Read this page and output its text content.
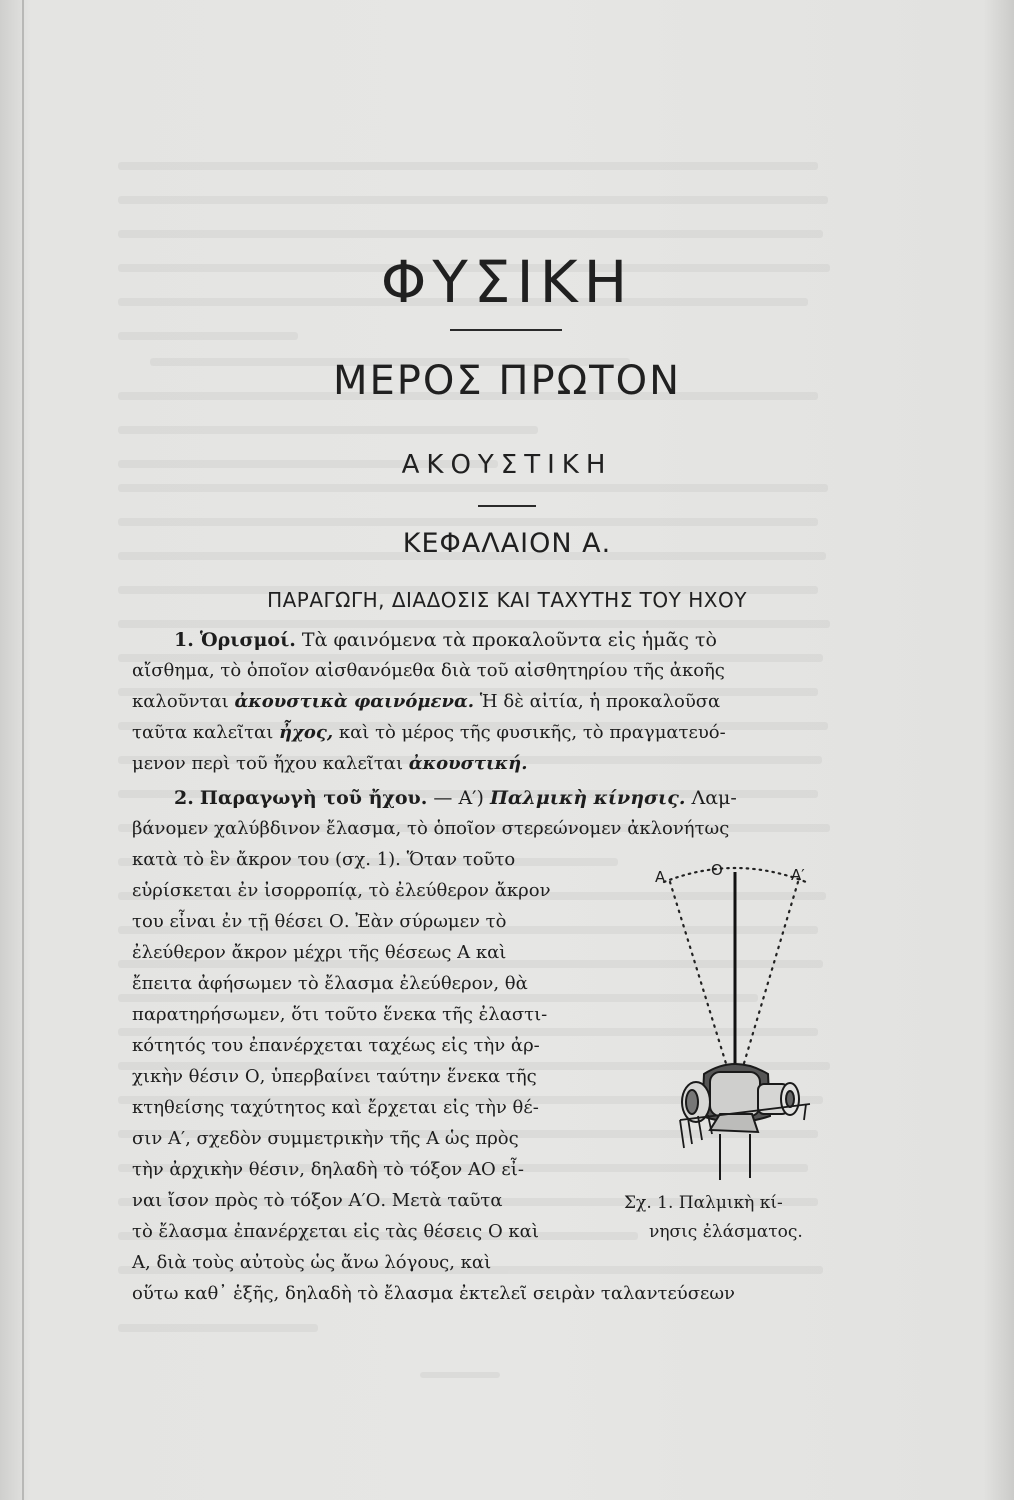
ΦΥΣΙΚΗ
ΜΕΡΟΣ ΠΡΩΤΟΝ
ΑΚΟΥΣΤΙΚΗ
ΚΕΦΑΛΑΙΟΝ Α.
ΠΑΡΑΓΩΓΗ, ΔΙΑΔΟΣΙΣ ΚΑΙ ΤΑΧΥΤΗΣ ΤΟΥ ΗΧΟΥ
1. Ὁρισμοί. Τὰ φαινόμενα τὰ προκαλοῦντα εἰς ἡμᾶς τὸ
αἴσθημα, τὸ ὁποῖον αἰσθανόμεθα διὰ τοῦ αἰσθητηρίου τῆς ἀκοῆς
καλοῦνται ἀκουστικὰ φαινόμενα. Ἡ δὲ αἰτία, ἡ προκαλοῦσα
ταῦτα καλεῖται ἦχος, καὶ τὸ μέρος τῆς φυσικῆς, τὸ πραγματευό-
μενον περὶ τοῦ ἤχου καλεῖται ἀκουστική.
2. Παραγωγὴ τοῦ ἤχου. — Α′) Παλμικὴ κίνησις. Λαμ-
βάνομεν χαλύβδινον ἔλασμα, τὸ ὁποῖον στερεώνομεν ἀκλονήτως
κατὰ τὸ ἓν ἄκρον του (σχ. 1). Ὅταν τοῦτο
εὑρίσκεται ἐν ἰσορροπίᾳ, τὸ ἐλεύθερον ἄκρον
του εἶναι ἐν τῇ θέσει Ο. Ἐὰν σύρωμεν τὸ
ἐλεύθερον ἄκρον μέχρι τῆς θέσεως Α καὶ
ἔπειτα ἀφήσωμεν τὸ ἔλασμα ἐλεύθερον, θὰ
παρατηρήσωμεν, ὅτι τοῦτο ἕνεκα τῆς ἐλαστι-
κότητός του ἐπανέρχεται ταχέως εἰς τὴν ἀρ-
χικὴν θέσιν Ο, ὑπερβαίνει ταύτην ἕνεκα τῆς
κτηθείσης ταχύτητος καὶ ἔρχεται εἰς τὴν θέ-
σιν Α′, σχεδὸν συμμετρικὴν τῆς Α ὡς πρὸς
τὴν ἀρχικὴν θέσιν, δηλαδὴ τὸ τόξον ΑΟ εἶ-
ναι ἴσον πρὸς τὸ τόξον Α′Ο. Μετὰ ταῦτα
τὸ ἔλασμα ἐπανέρχεται εἰς τὰς θέσεις Ο καὶ
Α, διὰ τοὺς αὐτοὺς ὡς ἄνω λόγους, καὶ
οὕτω καθ᾽ ἑξῆς, δηλαδὴ τὸ ἔλασμα ἐκτελεῖ σειρὰν ταλαντεύσεων
Α	Ο	Α′
Σχ. 1. Παλμικὴ κί-
νησις ἐλάσματος.
